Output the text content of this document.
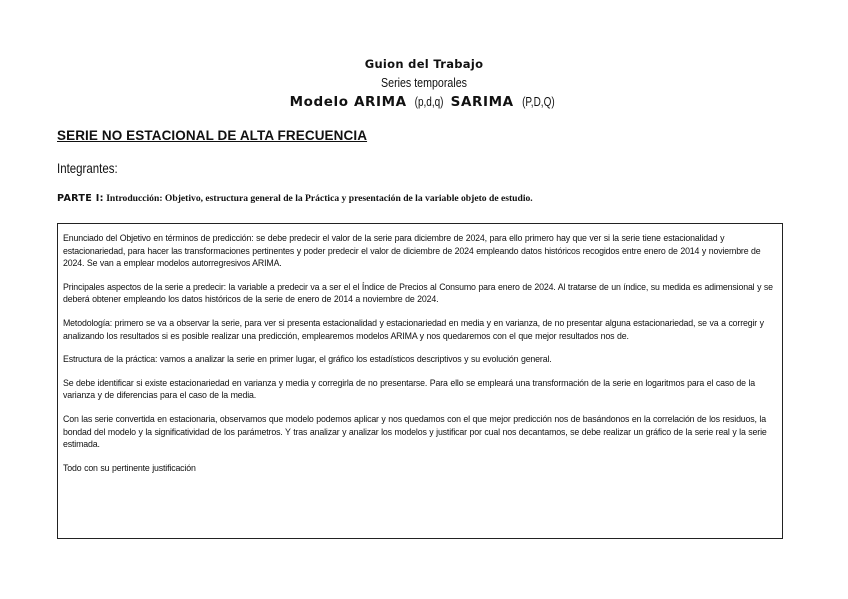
Guion del Trabajo
Series temporales
Modelo ARIMA (p,d,q) SARIMA (P,D,Q)
SERIE NO ESTACIONAL DE ALTA FRECUENCIA
Integrantes:
PARTE I: Introducción: Objetivo, estructura general de la Práctica y presentación de la variable objeto de estudio.

Enunciado del Objetivo en términos de predicción: se debe predecir el valor de la serie para diciembre de 2024, para ello primero hay que ver si la serie tiene estacionalidad y estacionariedad, para hacer las transformaciones pertinentes y poder predecir el valor de diciembre de 2024 empleando datos históricos recogidos entre enero de 2014 y noviembre de 2024. Se van a emplear modelos autorregresivos ARIMA.

Principales aspectos de la serie a predecir: la variable a predecir va a ser el el Índice de Precios al Consumo para enero de 2024. Al tratarse de un índice, su medida es adimensional y se deberá obtener empleando los datos históricos de la serie de enero de 2014 a noviembre de 2024.

Metodología: primero se va a observar la serie, para ver si presenta estacionalidad y estacionariedad en media y en varianza, de no presentar alguna estacionariedad, se va a corregir y analizando los resultados si es posible realizar una predicción, emplearemos modelos ARIMA y nos quedaremos con el que mejor resultados nos de.

Estructura de la práctica: vamos a analizar la serie en primer lugar, el gráfico los estadísticos descriptivos y su evolución general.

Se debe identificar si existe estacionariedad en varianza y media y corregirla de no presentarse. Para ello se empleará una transformación de la serie en logaritmos para el caso de la varianza y de diferencias para el caso de la media.

Con las serie convertida en estacionaria, observamos que modelo podemos aplicar y nos quedamos con el que mejor predicción nos de basándonos en la correlación de los residuos, la bondad del modelo y la significatividad de los parámetros. Y tras analizar y analizar los modelos y justificar por cual nos decantamos, se debe realizar un gráfico de la serie real y la serie estimada.

Todo con su pertinente justificación
